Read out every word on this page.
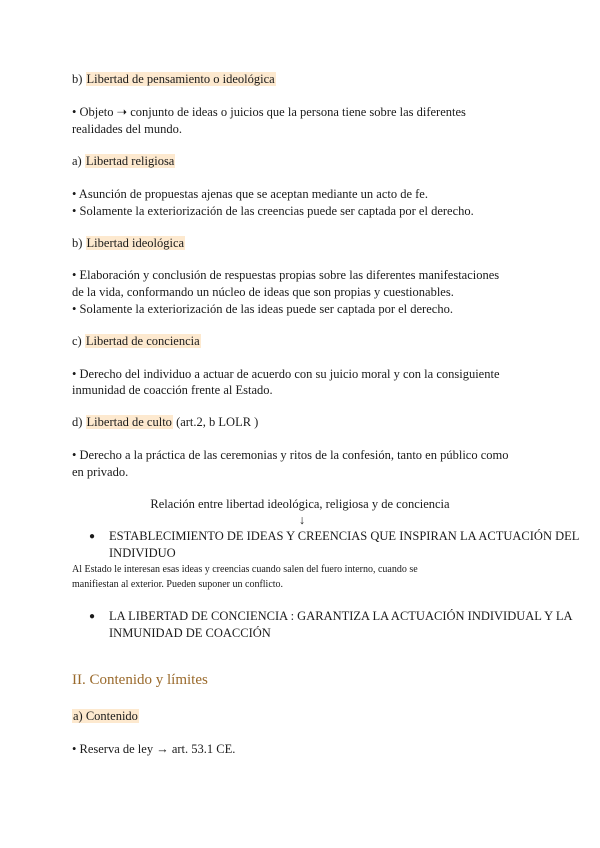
b) Libertad de pensamiento o ideológica
• Objeto ➝ conjunto de ideas o juicios que la persona tiene sobre las diferentes
realidades del mundo.
a) Libertad religiosa
• Asunción de propuestas ajenas que se aceptan mediante un acto de fe.
• Solamente la exteriorización de las creencias puede ser captada por el derecho.
b) Libertad ideológica
• Elaboración y conclusión de respuestas propias sobre las diferentes manifestaciones
de la vida, conformando un núcleo de ideas que son propias y cuestionables.
• Solamente la exteriorización de las ideas puede ser captada por el derecho.
c) Libertad de conciencia
• Derecho del individuo a actuar de acuerdo con su juicio moral y con la consiguiente
inmunidad de coacción frente al Estado.
d) Libertad de culto (art.2, b LOLR )
• Derecho a la práctica de las ceremonias y ritos de la confesión, tanto en público como
en privado.
Relación entre libertad ideológica, religiosa y de conciencia
↓
● ESTABLECIMIENTO DE IDEAS Y CREENCIAS QUE INSPIRAN LA ACTUACIÓN DEL
INDIVIDUO
Al Estado le interesan esas ideas y creencias cuando salen del fuero interno, cuando se
manifiestan al exterior. Pueden suponer un conflicto.
● LA LIBERTAD DE CONCIENCIA : GARANTIZA LA ACTUACIÓN INDIVIDUAL Y LA
INMUNIDAD DE COACCIÓN
II. Contenido y límites
a) Contenido
• Reserva de ley → art. 53.1 CE.
